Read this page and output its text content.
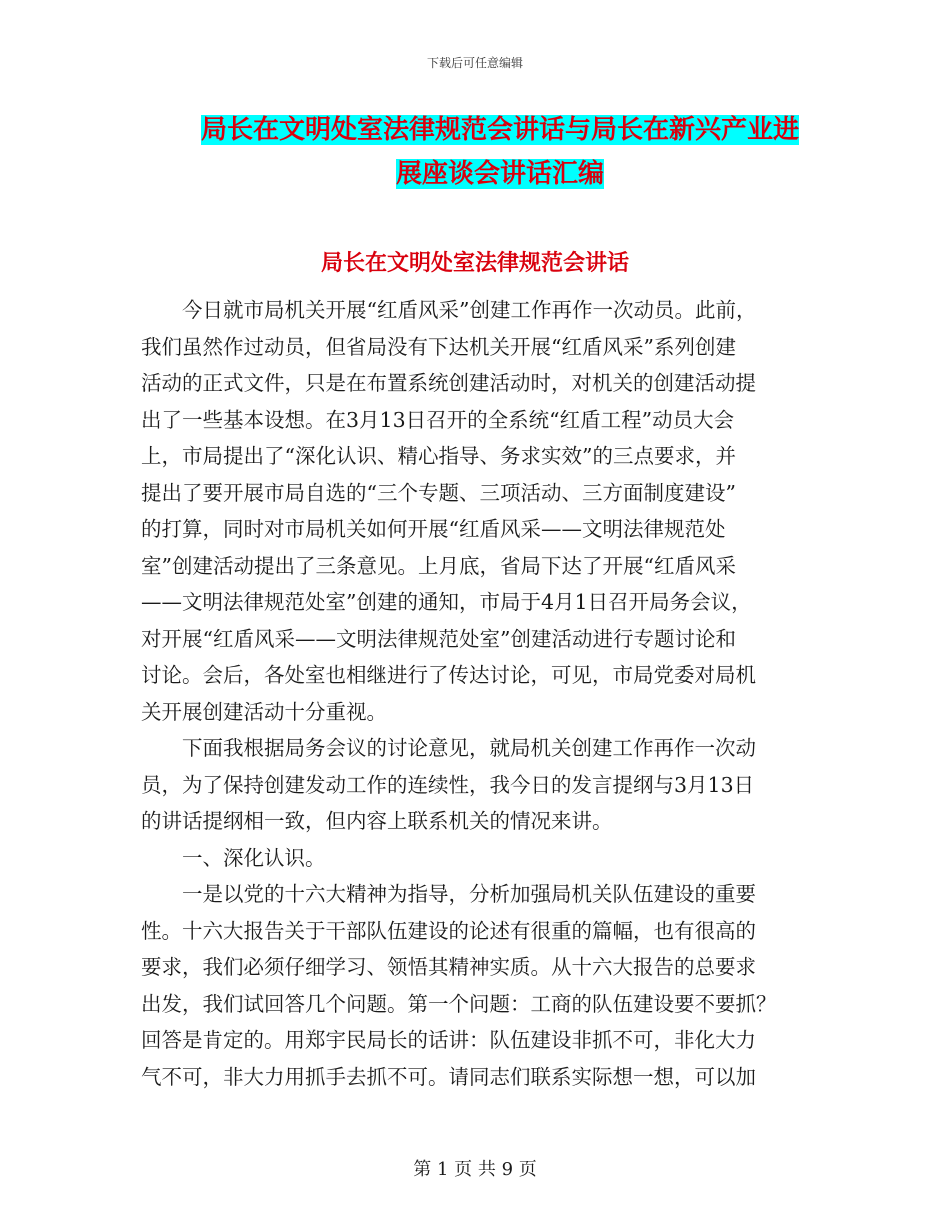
下载后可任意编辑
局长在文明处室法律规范会讲话与局长在新兴产业进
展座谈会讲话汇编
局长在文明处室法律规范会讲话
　　今日就市局机关开展“红盾风采”创建工作再作一次动员。此前，
我们虽然作过动员，但省局没有下达机关开展“红盾风采”系列创建
活动的正式文件，只是在布置系统创建活动时，对机关的创建活动提
出了一些基本设想。在3月13日召开的全系统“红盾工程”动员大会
上，市局提出了“深化认识、精心指导、务求实效”的三点要求，并
提出了要开展市局自选的“三个专题、三项活动、三方面制度建设”
的打算，同时对市局机关如何开展“红盾风采——文明法律规范处
室”创建活动提出了三条意见。上月底，省局下达了开展“红盾风采
——文明法律规范处室”创建的通知，市局于4月1日召开局务会议，
对开展“红盾风采——文明法律规范处室”创建活动进行专题讨论和
讨论。会后，各处室也相继进行了传达讨论，可见，市局党委对局机
关开展创建活动十分重视。
　　下面我根据局务会议的讨论意见，就局机关创建工作再作一次动
员，为了保持创建发动工作的连续性，我今日的发言提纲与3月13日
的讲话提纲相一致，但内容上联系机关的情况来讲。
　　一、深化认识。
　　一是以党的十六大精神为指导，分析加强局机关队伍建设的重要
性。十六大报告关于干部队伍建设的论述有很重的篇幅，也有很高的
要求，我们必须仔细学习、领悟其精神实质。从十六大报告的总要求
出发，我们试回答几个问题。第一个问题：工商的队伍建设要不要抓？
回答是肯定的。用郑宇民局长的话讲：队伍建设非抓不可，非化大力
气不可，非大力用抓手去抓不可。请同志们联系实际想一想，可以加
第 1 页 共 9 页
